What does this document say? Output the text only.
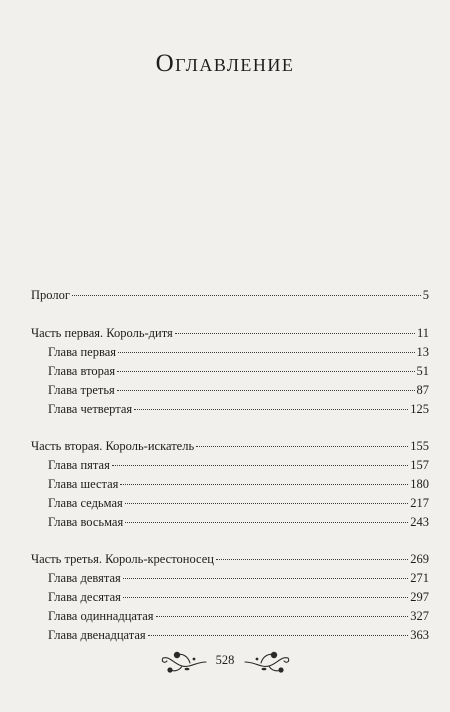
Оглавление
Пролог	5
Часть первая. Король-дитя	11
Глава первая	13
Глава вторая	51
Глава третья	87
Глава четвертая	125
Часть вторая. Король-искатель	155
Глава пятая	157
Глава шестая	180
Глава седьмая	217
Глава восьмая	243
Часть третья. Король-крестоносец	269
Глава девятая	271
Глава десятая	297
Глава одиннадцатая	327
Глава двенадцатая	363
528
